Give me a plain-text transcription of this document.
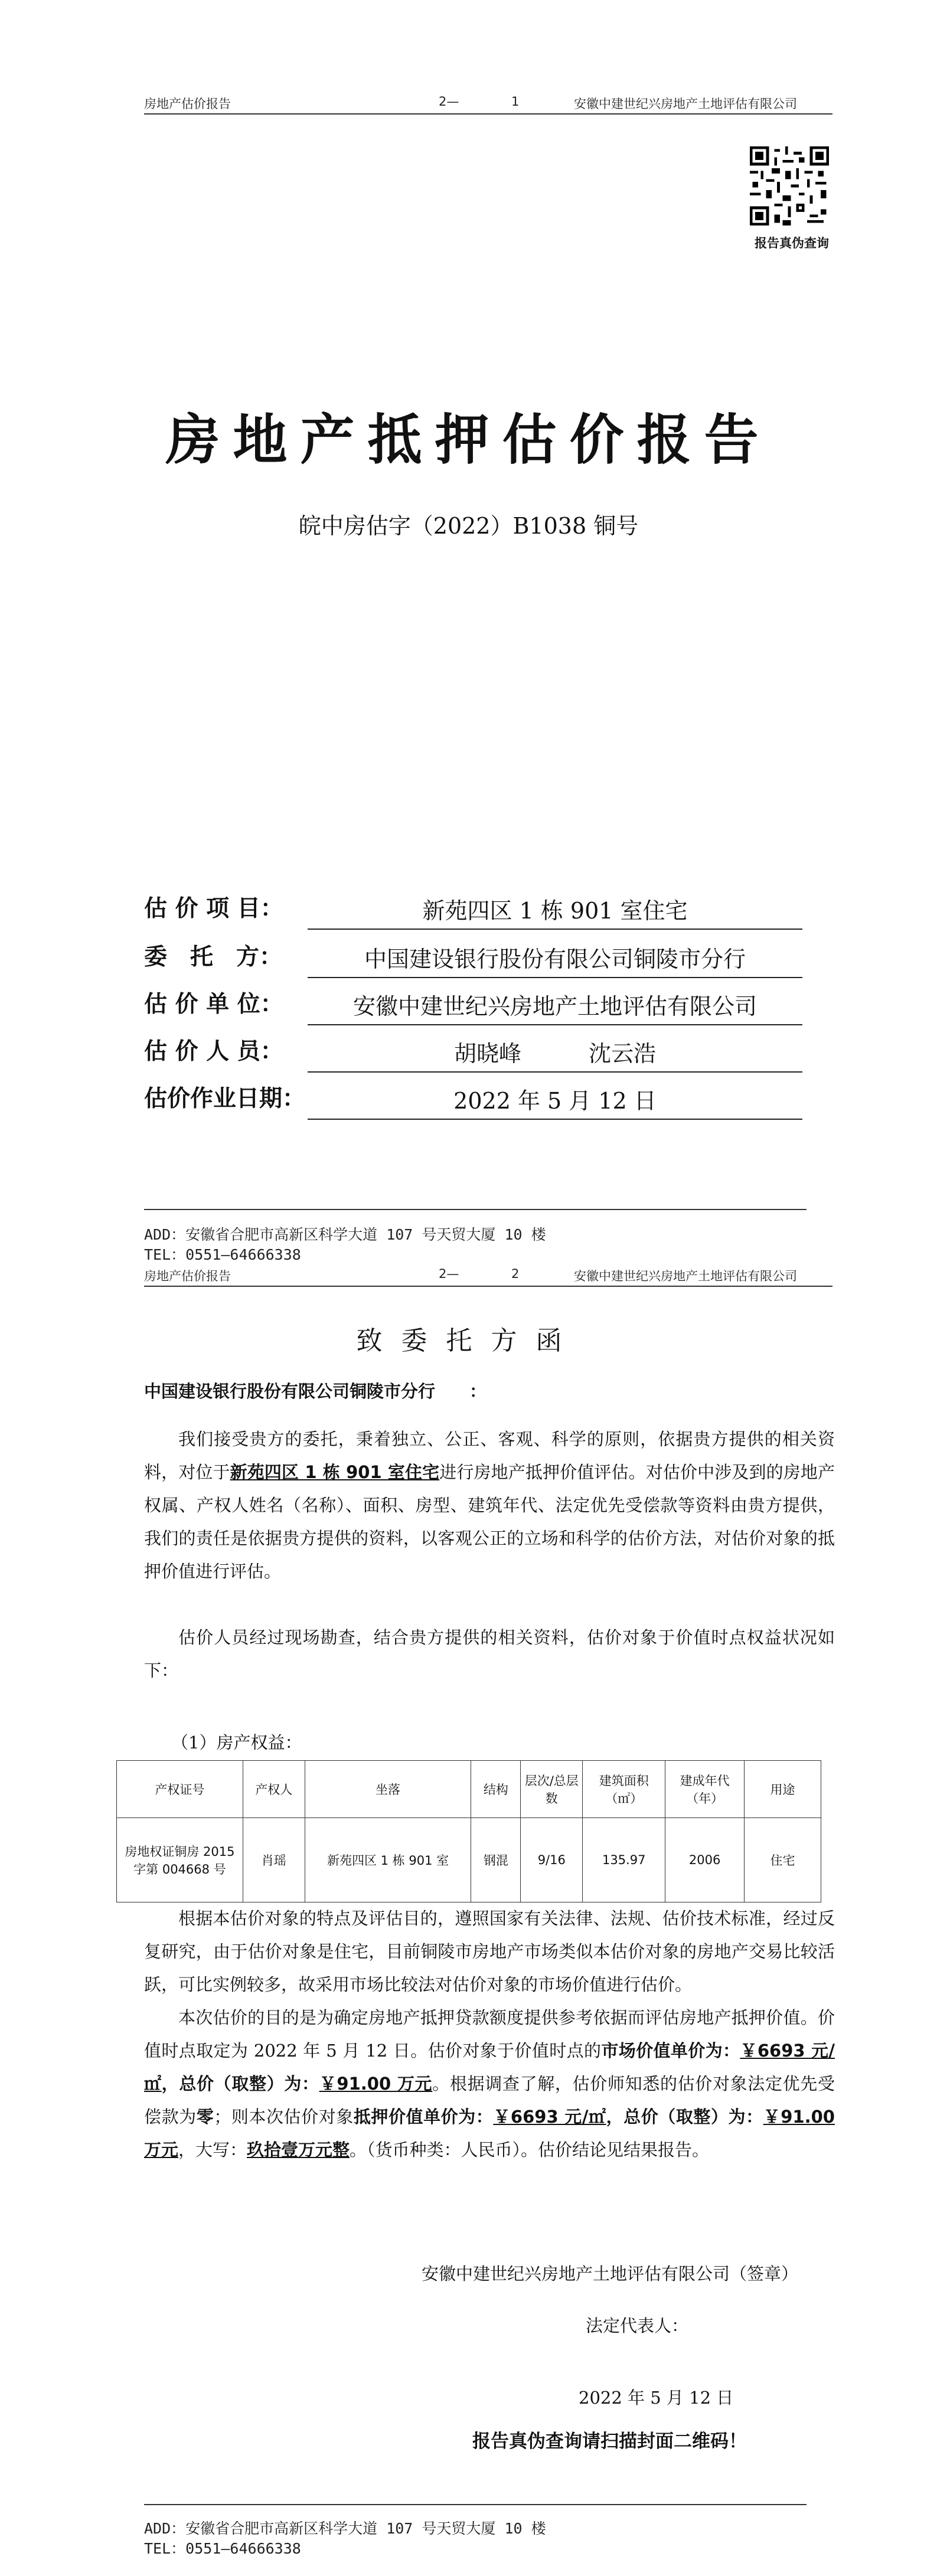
房地产估价报告	2—	1	安徽中建世纪兴房地产土地评估有限公司
报告真伪查询
房地产抵押估价报告
皖中房估字（2022）B1038 铜号
估 价 项 目：	新苑四区 1 栋 901 室住宅
委　托　方：	中国建设银行股份有限公司铜陵市分行
估 价 单 位：	安徽中建世纪兴房地产土地评估有限公司
估 价 人 员：	胡晓峰　　　沈云浩
估价作业日期：	2022 年 5 月 12 日
ADD：安徽省合肥市高新区科学大道 107 号天贸大厦 10 楼
TEL：0551—64666338
房地产估价报告	2—	2	安徽中建世纪兴房地产土地评估有限公司
致委托方函
中国建设银行股份有限公司铜陵市分行　　：
我们接受贵方的委托，秉着独立、公正、客观、科学的原则，依据贵方提供的相关资料，对位于新苑四区 1 栋 901 室住宅进行房地产抵押价值评估。对估价中涉及到的房地产权属、产权人姓名（名称）、面积、房型、建筑年代、法定优先受偿款等资料由贵方提供，我们的责任是依据贵方提供的资料，以客观公正的立场和科学的估价方法，对估价对象的抵押价值进行评估。
估价人员经过现场勘查，结合贵方提供的相关资料，估价对象于价值时点权益状况如下：
（1）房产权益：
产权证号	产权人	坐落	结构	层次/总层数	建筑面积（㎡）	建成年代（年）	用途
房地权证铜房 2015 字第 004668 号	肖瑶	新苑四区 1 栋 901 室	钢混	9/16	135.97	2006	住宅
根据本估价对象的特点及评估目的，遵照国家有关法律、法规、估价技术标准，经过反复研究，由于估价对象是住宅，目前铜陵市房地产市场类似本估价对象的房地产交易比较活跃，可比实例较多，故采用市场比较法对估价对象的市场价值进行估价。
本次估价的目的是为确定房地产抵押贷款额度提供参考依据而评估房地产抵押价值。价值时点取定为 2022 年 5 月 12 日。估价对象于价值时点的市场价值单价为：￥6693 元/㎡，总价（取整）为：￥91.00 万元。根据调查了解，估价师知悉的估价对象法定优先受偿款为零；则本次估价对象抵押价值单价为：￥6693 元/㎡，总价（取整）为：￥91.00 万元，大写：玖拾壹万元整。（货币种类：人民币）。估价结论见结果报告。
安徽中建世纪兴房地产土地评估有限公司（签章）
法定代表人：
2022 年 5 月 12 日
报告真伪查询请扫描封面二维码！
ADD：安徽省合肥市高新区科学大道 107 号天贸大厦 10 楼
TEL：0551—64666338
